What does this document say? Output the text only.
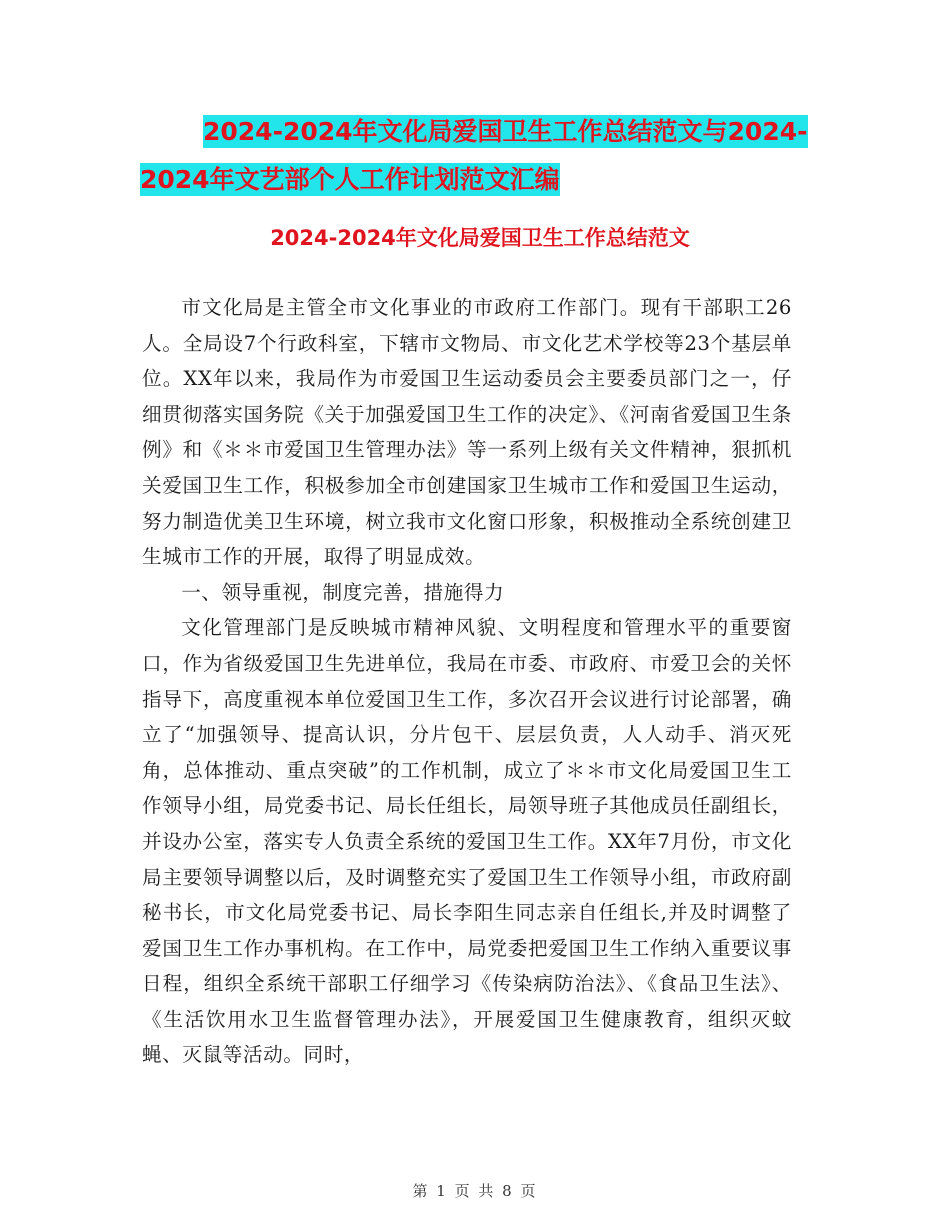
2024-2024年文化局爱国卫生工作总结范文与2024-
2024年文艺部个人工作计划范文汇编
2024-2024年文化局爱国卫生工作总结范文

市文化局是主管全市文化事业的市政府工作部门。现有干部职工26人。全局设7个行政科室，下辖市文物局、市文化艺术学校等23个基层单位。XX年以来，我局作为市爱国卫生运动委员会主要委员部门之一，仔细贯彻落实国务院《关于加强爱国卫生工作的决定》、《河南省爱国卫生条例》和《＊＊市爱国卫生管理办法》等一系列上级有关文件精神，狠抓机关爱国卫生工作，积极参加全市创建国家卫生城市工作和爱国卫生运动，努力制造优美卫生环境，树立我市文化窗口形象，积极推动全系统创建卫生城市工作的开展，取得了明显成效。

一、领导重视，制度完善，措施得力

文化管理部门是反映城市精神风貌、文明程度和管理水平的重要窗口，作为省级爱国卫生先进单位，我局在市委、市政府、市爱卫会的关怀指导下，高度重视本单位爱国卫生工作，多次召开会议进行讨论部署，确立了“加强领导、提高认识，分片包干、层层负责，人人动手、消灭死角，总体推动、重点突破”的工作机制，成立了＊＊市文化局爱国卫生工作领导小组，局党委书记、局长任组长，局领导班子其他成员任副组长，并设办公室，落实专人负责全系统的爱国卫生工作。XX年7月份，市文化局主要领导调整以后，及时调整充实了爱国卫生工作领导小组，市政府副秘书长，市文化局党委书记、局长李阳生同志亲自任组长,并及时调整了爱国卫生工作办事机构。在工作中，局党委把爱国卫生工作纳入重要议事日程，组织全系统干部职工仔细学习《传染病防治法》、《食品卫生法》、《生活饮用水卫生监督管理办法》，开展爱国卫生健康教育，组织灭蚊蝇、灭鼠等活动。同时，

第 1 页 共 8 页
